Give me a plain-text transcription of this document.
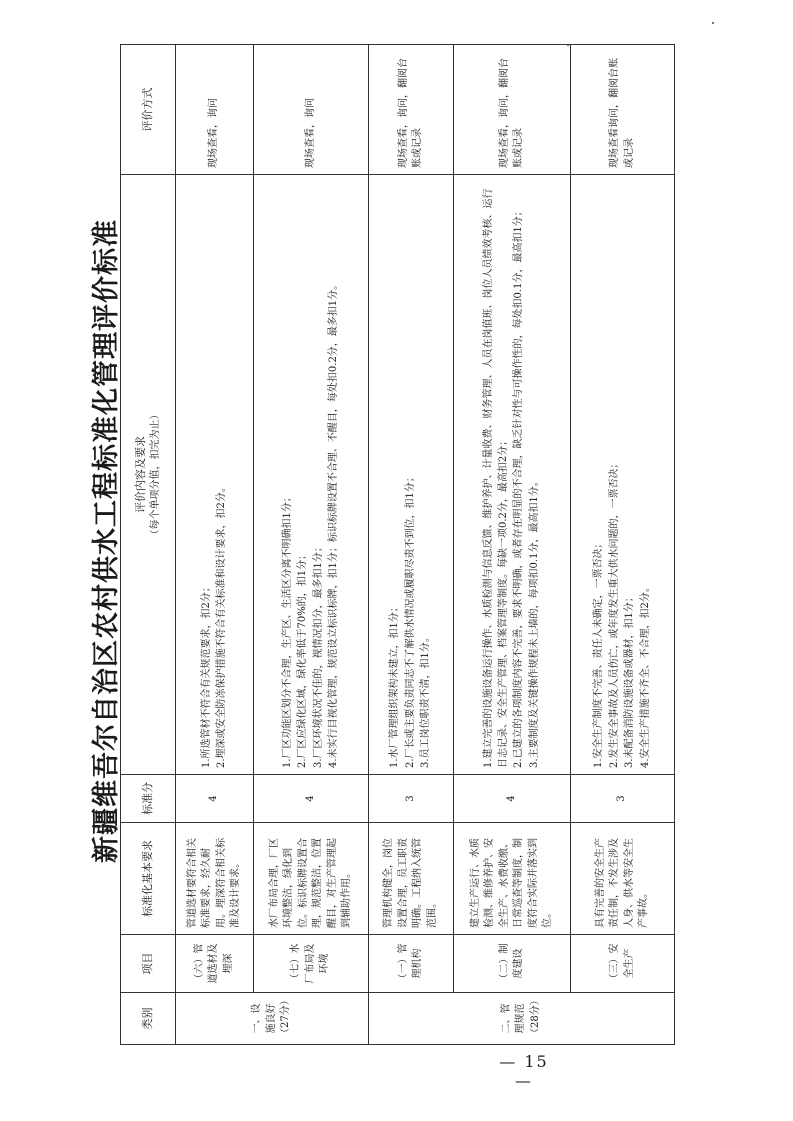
新疆维吾尔自治区农村供水工程标准化管理评价标准
类别	项目	标准化基本要求	标准分	评价内容及要求 （每个单项分值，扣完为止）	评价方式
一、设施良好（27分）	（六）管道选材及埋深	管道选材要符合相关标准要求，经久耐用。埋深符合相关标准及设计要求。	4	1.所选管材不符合有关规范要求，扣2分； 2.埋深或安全防冻保护措施不符合有关标准和设计要求，扣2分。	现场查看，询问
	（七）水厂布局及环境	水厂布局合理，厂区环境整洁，绿化到位。标识标牌设置合理，规范整洁，位置醒目，对生产管理起到辅助作用。	4	1.厂区功能区划分不合理，生产区、生活区分离不明确扣1分； 2.厂区应绿化区域，绿化率低于70%的，扣1分； 3.厂区环境状况不佳的，视情况扣分，最多扣1分； 4.未实行目视化管理，规范设立标识标牌，扣1分；标识标牌设置不合理、不醒目，每处扣0.2分，最多扣1分。	现场查看，询问
二、管理规范（28分）	（一）管理机构	管理机构健全，岗位设置合理，员工职责明确。工程纳入统管范围。	3	1.水厂管理组织架构未建立，扣1分； 2.厂长或主要负责同志不了解供水情况或履职尽责不到位，扣1分； 3.员工岗位职责不清，扣1分。	现场查看，询问，翻阅台账或记录
	（二）制度建设	建立生产运行、水质检测、维修养护、安全生产、水费收缴、日常巡查等制度，制度符合实际并落实到位。	4	1.建立完善的设施设备运行操作、水质检测与信息反馈、维护养护、计量收费、财务管理、人员在岗值班、岗位人员绩效考核、运行日志记录、安全生产管理、档案管理等制度。每缺一项0.2分，最高扣2分； 2.已建立的各项制度内容不完善，要求不明确，或者存在明显的不合理，缺乏针对性与可操作性的，每处扣0.1分，最高扣1分； 3.主要制度及关键操作规程未上墙的，每项扣0.1分，最高扣1分。	现场查看，询问，翻阅台账或记录
	（三）安全生产	具有完善的安全生产责任制，不发生涉及人身、供水等安全生产事故。	3	1.安全生产制度不完善、责任人未确定，一票否决； 2.发生安全事故及人员伤亡，或年度发生重大供水问题的，一票否决； 3.未配备消防设施设备或器材，扣1分； 4.安全生产措施不齐全、不合理，扣2分。	现场查看询问，翻阅台账或记录
— 15 —
